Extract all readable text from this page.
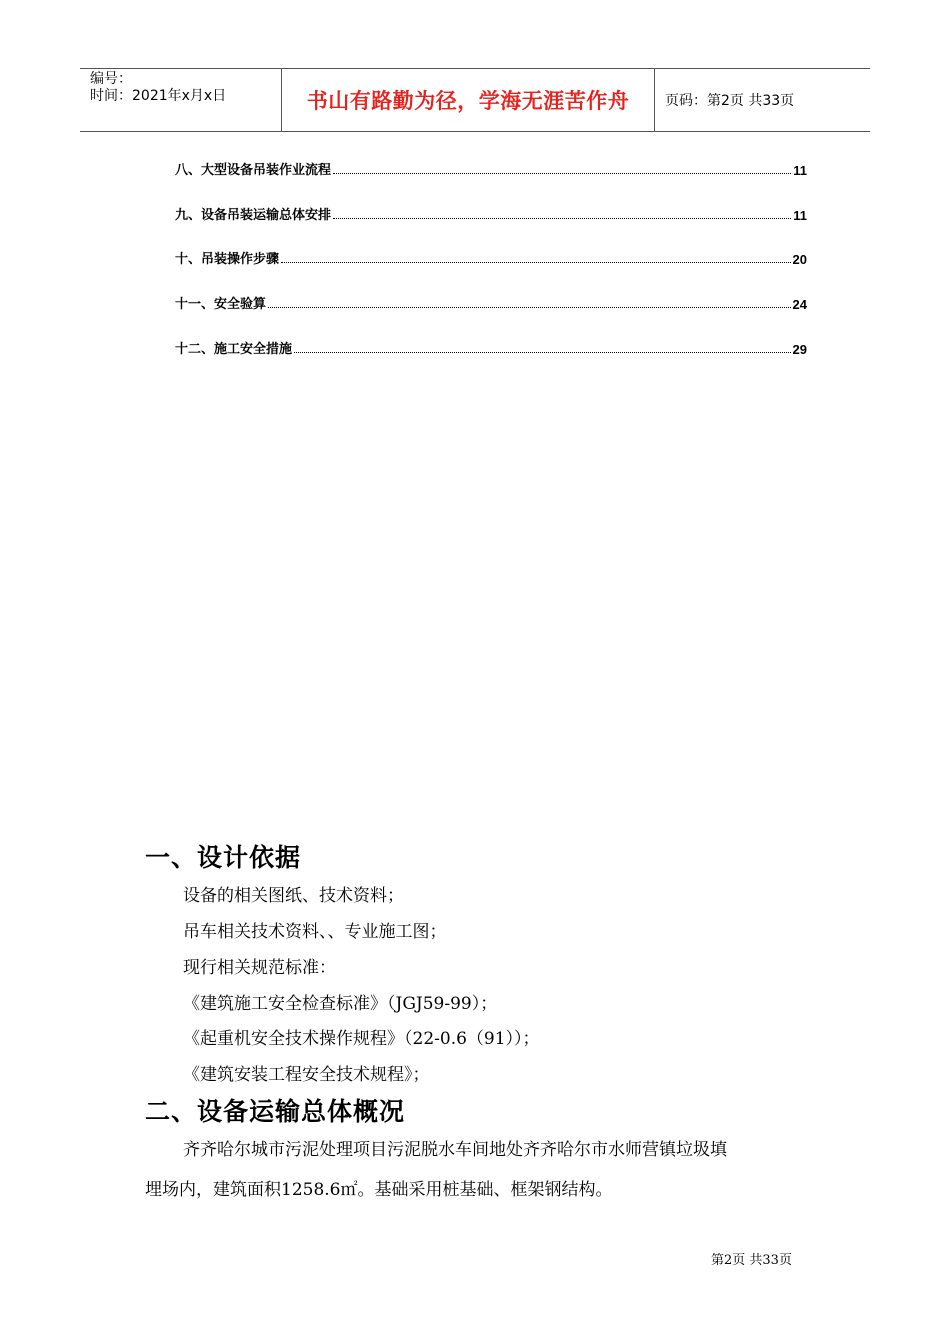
编号：
时间：2021年x月x日	书山有路勤为径，学海无涯苦作舟	页码：第2页 共33页
八、大型设备吊装作业流程	11
九、设备吊装运输总体安排	11
十、吊装操作步骤	20
十一、安全验算	24
十二、施工安全措施	29
一、设计依据
设备的相关图纸、技术资料；
吊车相关技术资料、、专业施工图；
现行相关规范标准：
《建筑施工安全检查标准》（JGJ59-99）；
《起重机安全技术操作规程》（22-0.6（91））；
《建筑安装工程安全技术规程》；
二、设备运输总体概况
齐齐哈尔城市污泥处理项目污泥脱水车间地处齐齐哈尔市水师营镇垃圾填
埋场内，建筑面积1258.6㎡。基础采用桩基础、框架钢结构。
第2页 共33页
